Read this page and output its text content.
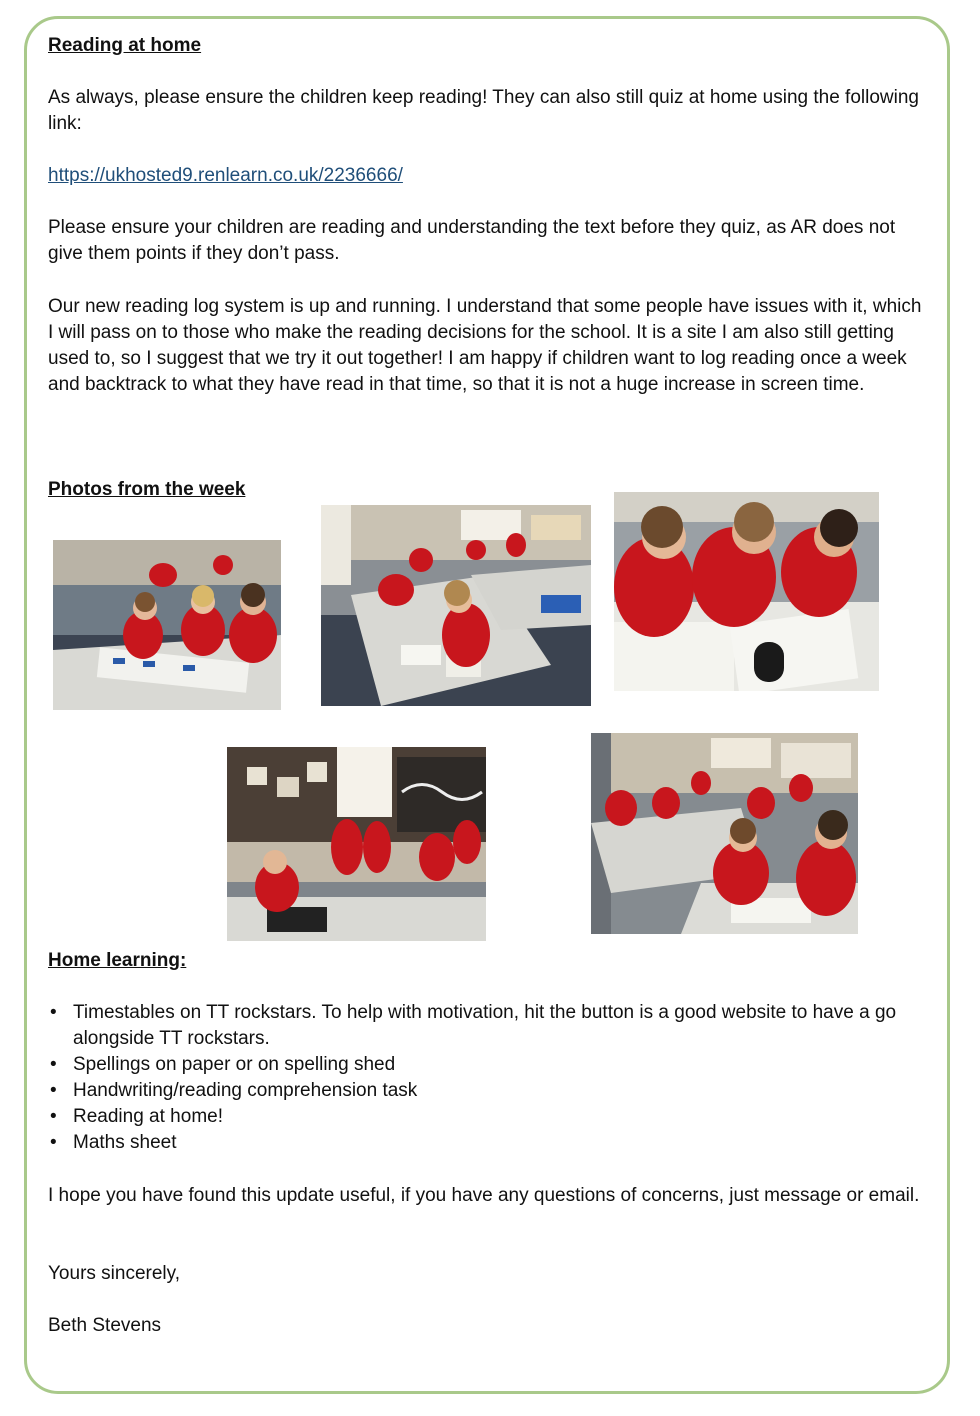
Reading at home

As always, please ensure the children keep reading! They can also still quiz at home using the following link:

https://ukhosted9.renlearn.co.uk/2236666/

Please ensure your children are reading and understanding the text before they quiz, as AR does not give them points if they don’t pass.

Our new reading log system is up and running. I understand that some people have issues with it, which I will pass on to those who make the reading decisions for the school. It is a site I am also still getting used to, so I suggest that we try it out together! I am happy if children want to log reading once a week and backtrack to what they have read in that time, so that it is not a huge increase in screen time.

Photos from the week

Home learning:

• Timestables on TT rockstars. To help with motivation, hit the button is a good website to have a go alongside TT rockstars.
• Spellings on paper or on spelling shed
• Handwriting/reading comprehension task
• Reading at home!
• Maths sheet

I hope you have found this update useful, if you have any questions of concerns, just message or email.

Yours sincerely,

Beth Stevens
